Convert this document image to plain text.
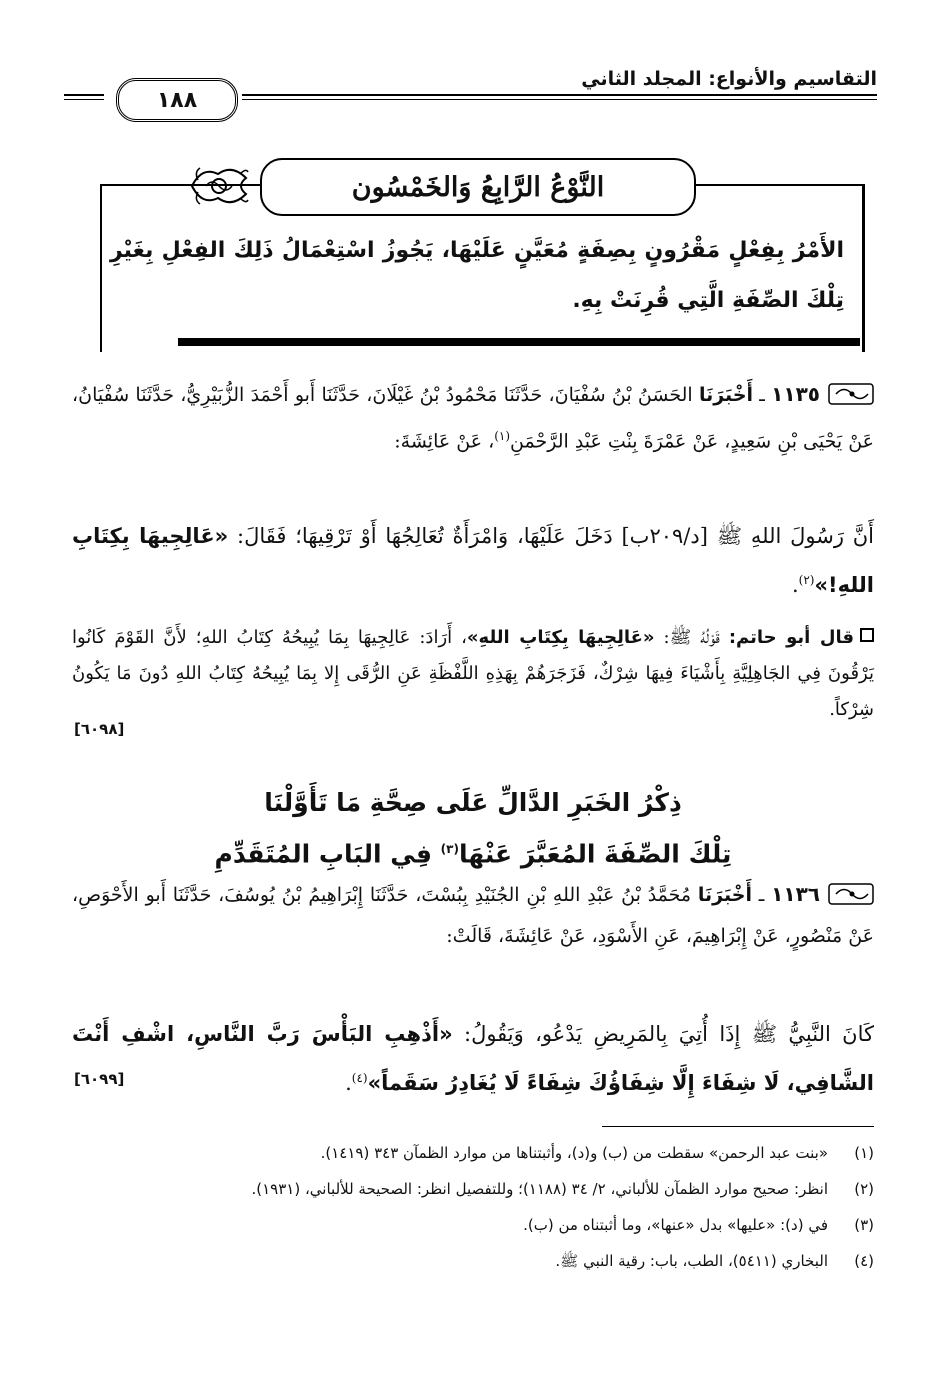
التقاسيم والأنواع: المجلد الثاني
١٨٨
النَّوْعُ الرَّابِعُ وَالخَمْسُون
الأَمْرُ بِفِعْلٍ مَقْرُونٍ بِصِفَةٍ مُعَيَّنٍ عَلَيْهَا، يَجُوزُ اسْتِعْمَالُ ذَلِكَ الفِعْلِ بِغَيْرِ تِلْكَ الصِّفَةِ الَّتِي قُرِنَتْ بِهِ.
١١٣٥ ـ أَخْبَرَنَا الحَسَنُ بْنُ سُفْيَانَ، حَدَّثَنَا مَحْمُودُ بْنُ غَيْلَانَ، حَدَّثَنَا أَبو أَحْمَدَ الزُّبَيْرِيُّ، حَدَّثَنَا سُفْيَانُ، عَنْ يَحْيَى بْنِ سَعِيدٍ، عَنْ عَمْرَةَ بِنْتِ عَبْدِ الرَّحْمَنِ$^{(١)}$، عَنْ عَائِشَةَ:
أَنَّ رَسُولَ اللهِ ﷺ [د/٢٠٩ب] دَخَلَ عَلَيْهَا، وَامْرَأَةٌ تُعَالِجُهَا أَوْ تَرْقِيهَا؛ فَقَالَ: «عَالِجِيهَا بِكِتَابِ اللهِ!»$^{(٢)}$.
قال أبو حاتم: قَوْلُهُ ﷺ: «عَالِجِيهَا بِكِتَابِ اللهِ»، أَرَادَ: عَالِجِيهَا بِمَا يُبِيحُهُ كِتَابُ اللهِ؛ لأَنَّ القَوْمَ كَانُوا يَرْقُونَ فِي الجَاهِلِيَّةِ بِأَشْيَاءَ فِيهَا شِرْكٌ، فَزَجَرَهُمْ بِهَذِهِ اللَّفْظَةِ عَنِ الرُّقَى إِلا بِمَا يُبِيحُهُ كِتَابُ اللهِ دُونَ مَا يَكُونُ شِرْكاً.
[٦٠٩٨]
ذِكْرُ الخَبَرِ الدَّالِّ عَلَى صِحَّةِ مَا تَأَوَّلْنَا
تِلْكَ الصِّفَةَ المُعَبَّرَ عَنْهَا$^{(٣)}$ فِي البَابِ المُتَقَدِّمِ
١١٣٦ ـ أَخْبَرَنَا مُحَمَّدُ بْنُ عَبْدِ اللهِ بْنِ الجُنَيْدِ بِبُسْتَ، حَدَّثَنَا إِبْرَاهِيمُ بْنُ يُوسُفَ، حَدَّثَنَا أَبو الأَحْوَصِ، عَنْ مَنْصُورٍ، عَنْ إِبْرَاهِيمَ، عَنِ الأَسْوَدِ، عَنْ عَائِشَةَ، قَالَتْ:
كَانَ النَّبِيُّ ﷺ إِذَا أُتِيَ بِالمَرِيضِ يَدْعُو، وَيَقُولُ: «أَذْهِبِ البَأْسَ رَبَّ النَّاسِ، اشْفِ أَنْتَ الشَّافِي، لَا شِفَاءَ إِلَّا شِفَاؤُكَ شِفَاءً لَا يُغَادِرُ سَقَماً»$^{(٤)}$.
[٦٠٩٩]
(١)
«بنت عبد الرحمن» سقطت من (ب) و(د)، وأثبتناها من موارد الظمآن ٣٤٣ (١٤١٩).
(٢)
انظر: صحيح موارد الظمآن للألباني، ٢/ ٣٤ (١١٨٨)؛ وللتفصيل انظر: الصحيحة للألباني، (١٩٣١).
(٣)
في (د): «عليها» بدل «عنها»، وما أثبتناه من (ب).
(٤)
البخاري (٥٤١١)، الطب، باب: رقية النبي ﷺ.
